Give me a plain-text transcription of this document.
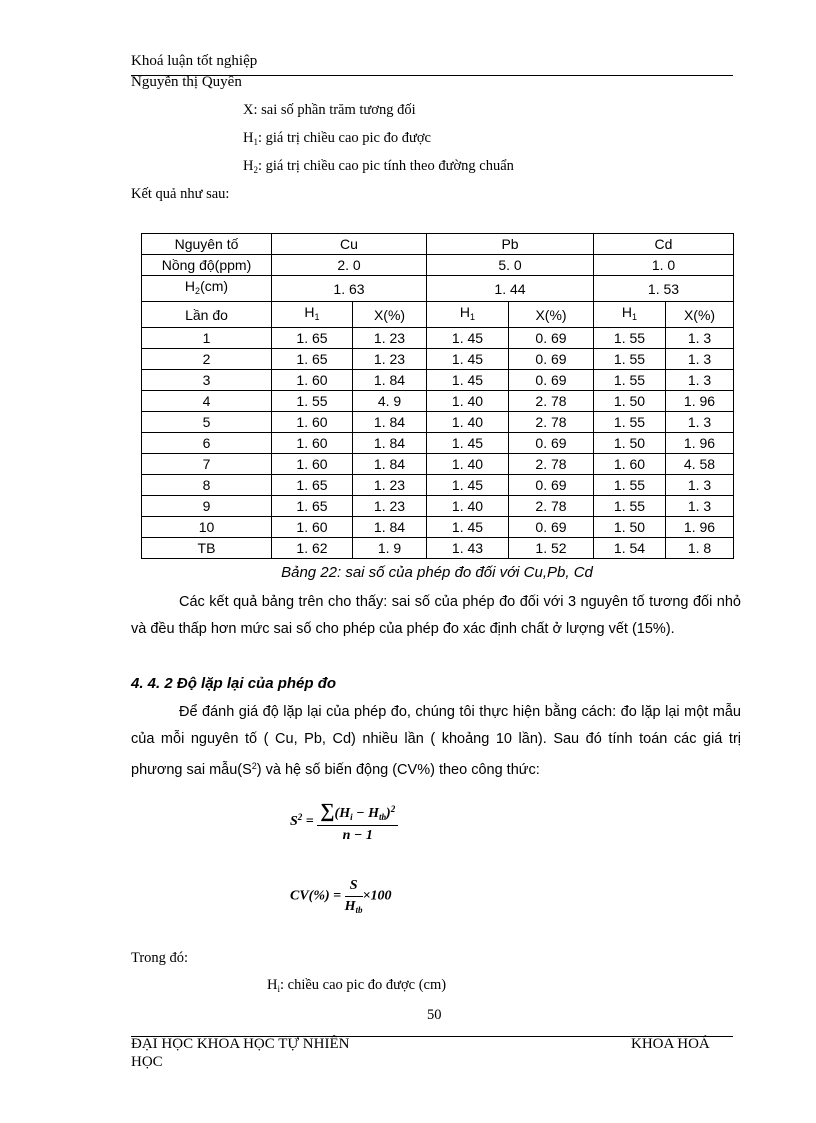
Khoá luận tốt nghiệp
Nguyễn thị Quyên
X: sai số phần trăm tương đối
$H_1$: giá trị chiều cao pic đo được
$H_2$: giá trị chiều cao pic tính theo đường chuẩn
Kết quả như sau:
Nguyên tố	Cu		Pb		Cd	
Nồng độ(ppm)	2. 0		5. 0		1. 0	
$H_2(cm)$	1. 63		1. 44		1. 53	
Lần đo	$H_1$	X(%)	$H_1$	X(%)	$H_1$	X(%)
1	1. 65	1. 23	1. 45	0. 69	1. 55	1. 3
2	1. 65	1. 23	1. 45	0. 69	1. 55	1. 3
3	1. 60	1. 84	1. 45	0. 69	1. 55	1. 3
4	1. 55	4. 9	1. 40	2. 78	1. 50	1. 96
5	1. 60	1. 84	1. 40	2. 78	1. 55	1. 3
6	1. 60	1. 84	1. 45	0. 69	1. 50	1. 96
7	1. 60	1. 84	1. 40	2. 78	1. 60	4. 58
8	1. 65	1. 23	1. 45	0. 69	1. 55	1. 3
9	1. 65	1. 23	1. 40	2. 78	1. 55	1. 3
10	1. 60	1. 84	1. 45	0. 69	1. 50	1. 96
TB	1. 62	1. 9	1. 43	1. 52	1. 54	1. 8
Bảng 22: sai số của phép đo đối với Cu,Pb, Cd
Các kết quả bảng trên cho thấy: sai số của phép đo đối với 3 nguyên tố tương đối nhỏ và đều thấp hơn mức sai số cho phép của phép đo xác định chất ở lượng vết (15%).
4. 4. 2 Độ lặp lại của phép đo
Để đánh giá độ lặp lại của phép đo, chúng tôi thực hiện bằng cách: đo lặp lại một mẫu của mỗi nguyên tố ( Cu, Pb, Cd) nhiều lần ( khoảng 10 lần). Sau đó tính toán các giá trị phương sai $mẫu(S^2)$ và hệ số biến động (CV%) theo công thức:
$S^2 = \frac{\sum(H_i - H_{tb})^2}{n - 1}$
$CV(\%) = \frac{S}{H_{tb}} \times 100$
Trong đó:
$H_i$: chiều cao pic đo được (cm)
50
ĐẠI HỌC KHOA HỌC TỰ NHIÊN	KHOA HOÁ
HỌC
